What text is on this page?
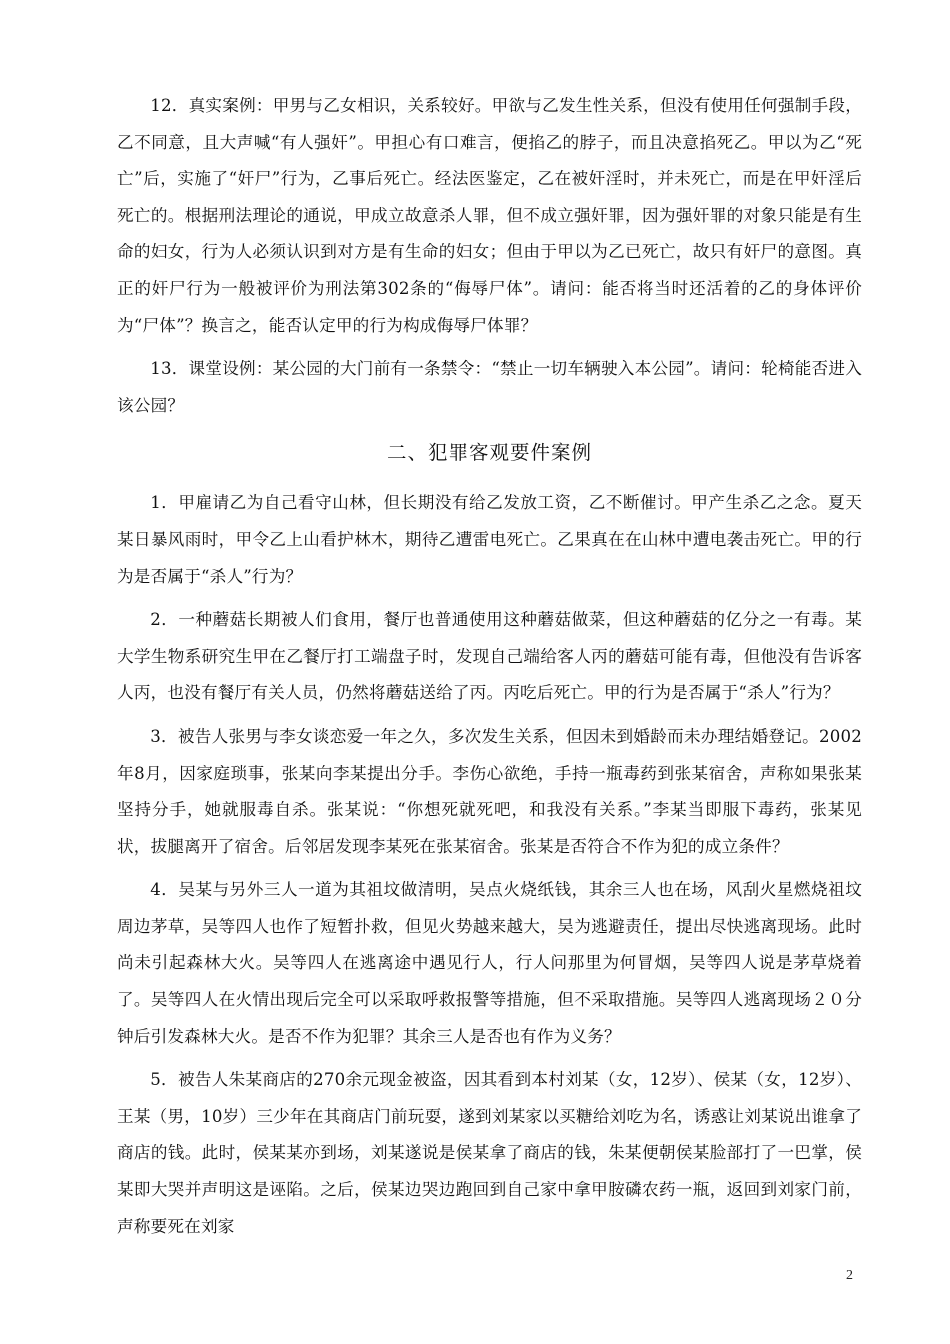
12．真实案例：甲男与乙女相识，关系较好。甲欲与乙发生性关系，但没有使用任何强制手段，乙不同意，且大声喊“有人强奸”。甲担心有口难言，便掐乙的脖子，而且决意掐死乙。甲以为乙“死亡”后，实施了“奸尸”行为，乙事后死亡。经法医鉴定，乙在被奸淫时，并未死亡，而是在甲奸淫后死亡的。根据刑法理论的通说，甲成立故意杀人罪，但不成立强奸罪，因为强奸罪的对象只能是有生命的妇女，行为人必须认识到对方是有生命的妇女；但由于甲以为乙已死亡，故只有奸尸的意图。真正的奸尸行为一般被评价为刑法第302条的“侮辱尸体”。请问：能否将当时还活着的乙的身体评价为“尸体”？换言之，能否认定甲的行为构成侮辱尸体罪？

13．课堂设例：某公园的大门前有一条禁令：“禁止一切车辆驶入本公园”。请问：轮椅能否进入该公园？

二、犯罪客观要件案例

1．甲雇请乙为自己看守山林，但长期没有给乙发放工资，乙不断催讨。甲产生杀乙之念。夏天某日暴风雨时，甲令乙上山看护林木，期待乙遭雷电死亡。乙果真在在山林中遭电袭击死亡。甲的行为是否属于“杀人”行为？

2．一种蘑菇长期被人们食用，餐厅也普通使用这种蘑菇做菜，但这种蘑菇的亿分之一有毒。某大学生物系研究生甲在乙餐厅打工端盘子时，发现自己端给客人丙的蘑菇可能有毒，但他没有告诉客人丙，也没有餐厅有关人员，仍然将蘑菇送给了丙。丙吃后死亡。甲的行为是否属于“杀人”行为？

3．被告人张男与李女谈恋爱一年之久，多次发生关系，但因未到婚龄而未办理结婚登记。2002年8月，因家庭琐事，张某向李某提出分手。李伤心欲绝，手持一瓶毒药到张某宿舍，声称如果张某坚持分手，她就服毒自杀。张某说：“你想死就死吧，和我没有关系。”李某当即服下毒药，张某见状，拔腿离开了宿舍。后邻居发现李某死在张某宿舍。张某是否符合不作为犯的成立条件？

4．吴某与另外三人一道为其祖坟做清明，吴点火烧纸钱，其余三人也在场，风刮火星燃烧祖坟周边茅草，吴等四人也作了短暂扑救，但见火势越来越大，吴为逃避责任，提出尽快逃离现场。此时尚未引起森林大火。吴等四人在逃离途中遇见行人，行人问那里为何冒烟，吴等四人说是茅草烧着了。吴等四人在火情出现后完全可以采取呼救报警等措施，但不采取措施。吴等四人逃离现场２０分钟后引发森林大火。是否不作为犯罪？其余三人是否也有作为义务？

5．被告人朱某商店的270余元现金被盗，因其看到本村刘某（女，12岁）、侯某（女，12岁）、王某（男，10岁）三少年在其商店门前玩耍，遂到刘某家以买糖给刘吃为名，诱惑让刘某说出谁拿了商店的钱。此时，侯某某亦到场，刘某遂说是侯某拿了商店的钱，朱某便朝侯某脸部打了一巴掌，侯某即大哭并声明这是诬陷。之后，侯某边哭边跑回到自己家中拿甲胺磷农药一瓶，返回到刘家门前，声称要死在刘家

2
